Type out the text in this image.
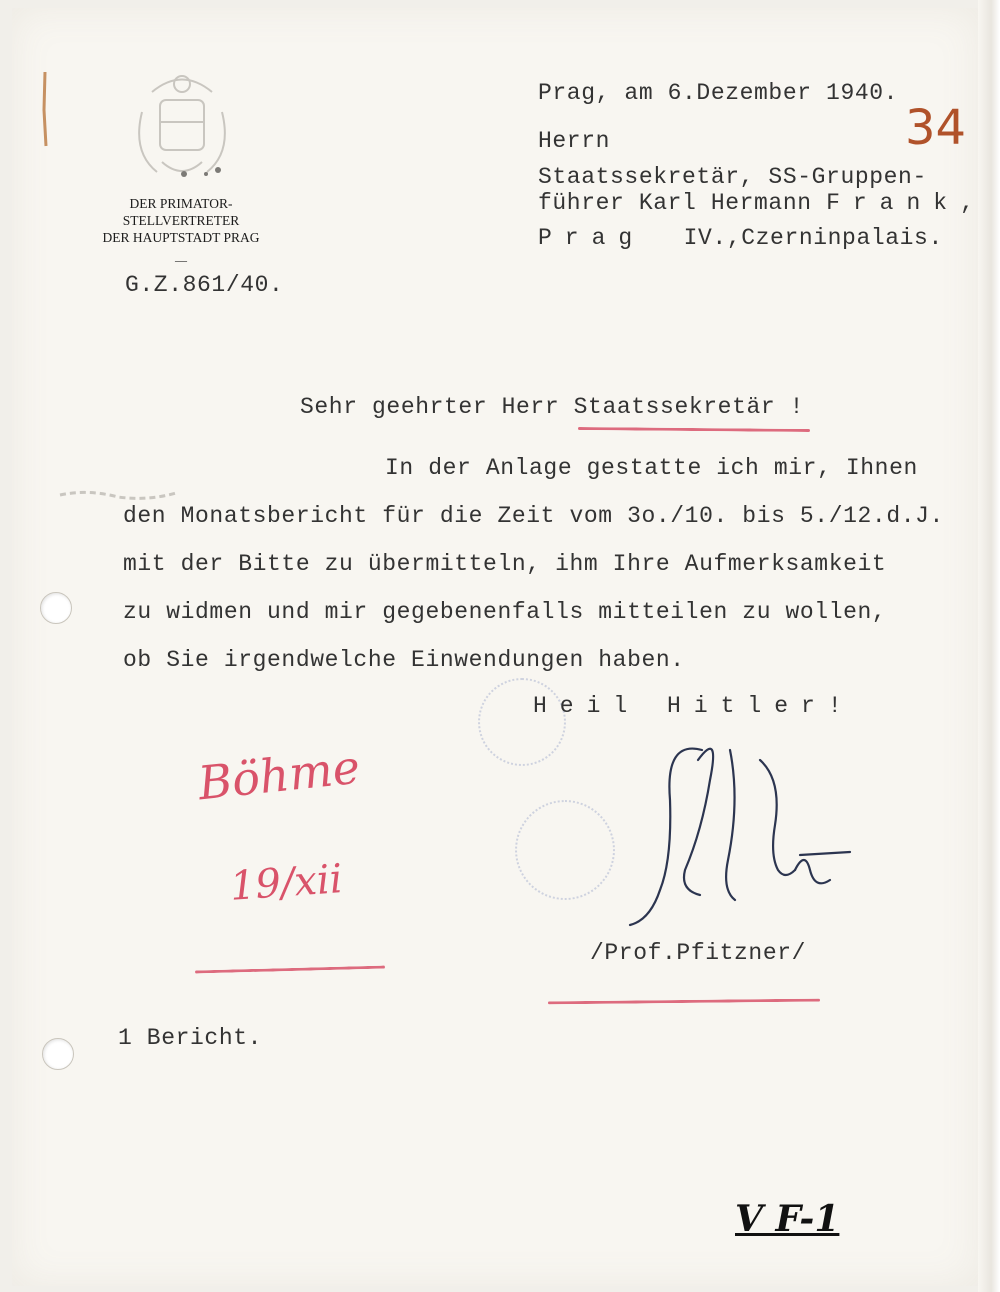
DER PRIMATOR-STELLVERTRETER
DER HAUPTSTADT PRAG
—
G.Z.861/40.
Prag, am 6.Dezember 1940.
34
Herrn
Staatssekretär, SS-Gruppen-
führer Karl Hermann Frank,
Prag IV.,Czerninpalais.
Sehr geehrter Herr Staatssekretär !
In der Anlage gestatte ich mir, Ihnen
den Monatsbericht für die Zeit vom 3o./10. bis 5./12.d.J.
mit der Bitte zu übermitteln, ihm Ihre Aufmerksamkeit
zu widmen und mir gegebenenfalls mitteilen zu wollen,
ob Sie irgendwelche Einwendungen haben.
Heil Hitler!
/Prof.Pfitzner/
Böhme
19/xii
1 Bericht.
V F-1
